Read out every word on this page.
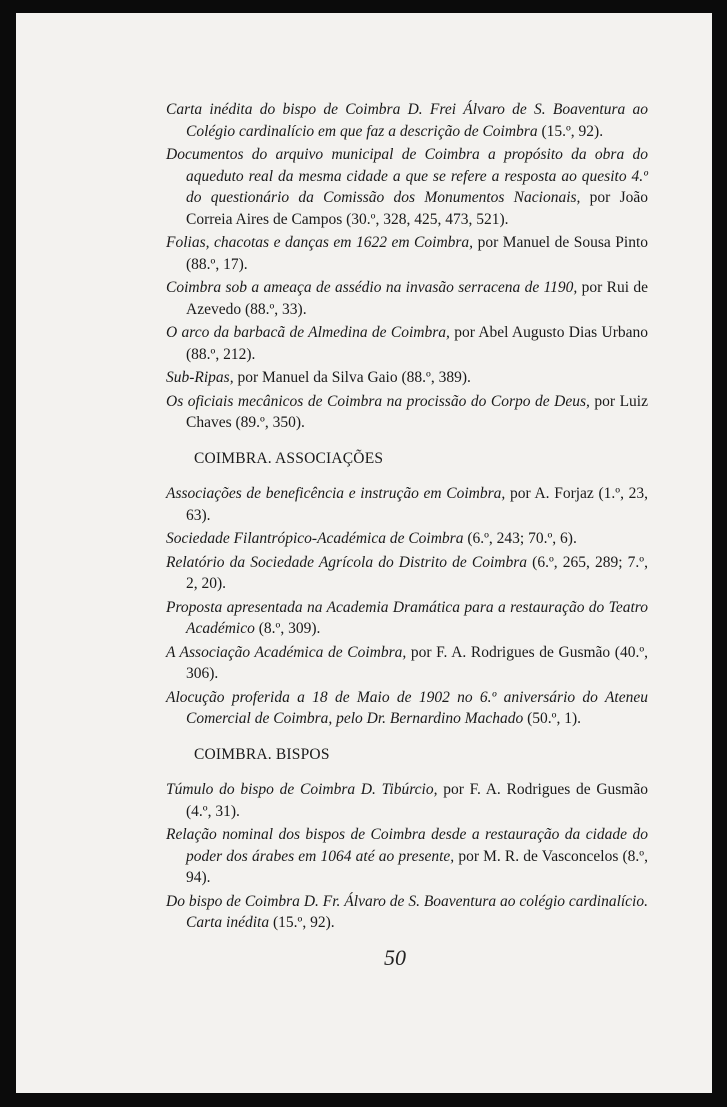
Carta inédita do bispo de Coimbra D. Frei Álvaro de S. Boaventura ao Colégio cardinalício em que faz a descrição de Coimbra (15.º, 92).

Documentos do arquivo municipal de Coimbra a propósito da obra do aqueduto real da mesma cidade a que se refere a resposta ao quesito 4.º do questionário da Comissão dos Monumentos Nacionais, por João Correia Aires de Campos (30.º, 328, 425, 473, 521).

Folias, chacotas e danças em 1622 em Coimbra, por Manuel de Sousa Pinto (88.º, 17).

Coimbra sob a ameaça de assédio na invasão serracena de 1190, por Rui de Azevedo (88.º, 33).

O arco da barbacã de Almedina de Coimbra, por Abel Augusto Dias Urbano (88.º, 212).

Sub-Ripas, por Manuel da Silva Gaio (88.º, 389).

Os oficiais mecânicos de Coimbra na procissão do Corpo de Deus, por Luiz Chaves (89.º, 350).

COIMBRA. ASSOCIAÇÕES

Associações de beneficência e instrução em Coimbra, por A. Forjaz (1.º, 23, 63).

Sociedade Filantrópico-Académica de Coimbra (6.º, 243; 70.º, 6).

Relatório da Sociedade Agrícola do Distrito de Coimbra (6.º, 265, 289; 7.º, 2, 20).

Proposta apresentada na Academia Dramática para a restauração do Teatro Académico (8.º, 309).

A Associação Académica de Coimbra, por F. A. Rodrigues de Gusmão (40.º, 306).

Alocução proferida a 18 de Maio de 1902 no 6.º aniversário do Ateneu Comercial de Coimbra, pelo Dr. Bernardino Machado (50.º, 1).

COIMBRA. BISPOS

Túmulo do bispo de Coimbra D. Tibúrcio, por F. A. Rodrigues de Gusmão (4.º, 31).

Relação nominal dos bispos de Coimbra desde a restauração da cidade do poder dos árabes em 1064 até ao presente, por M. R. de Vasconcelos (8.º, 94).

Do bispo de Coimbra D. Fr. Álvaro de S. Boaventura ao colégio cardinalício. Carta inédita (15.º, 92).

50
